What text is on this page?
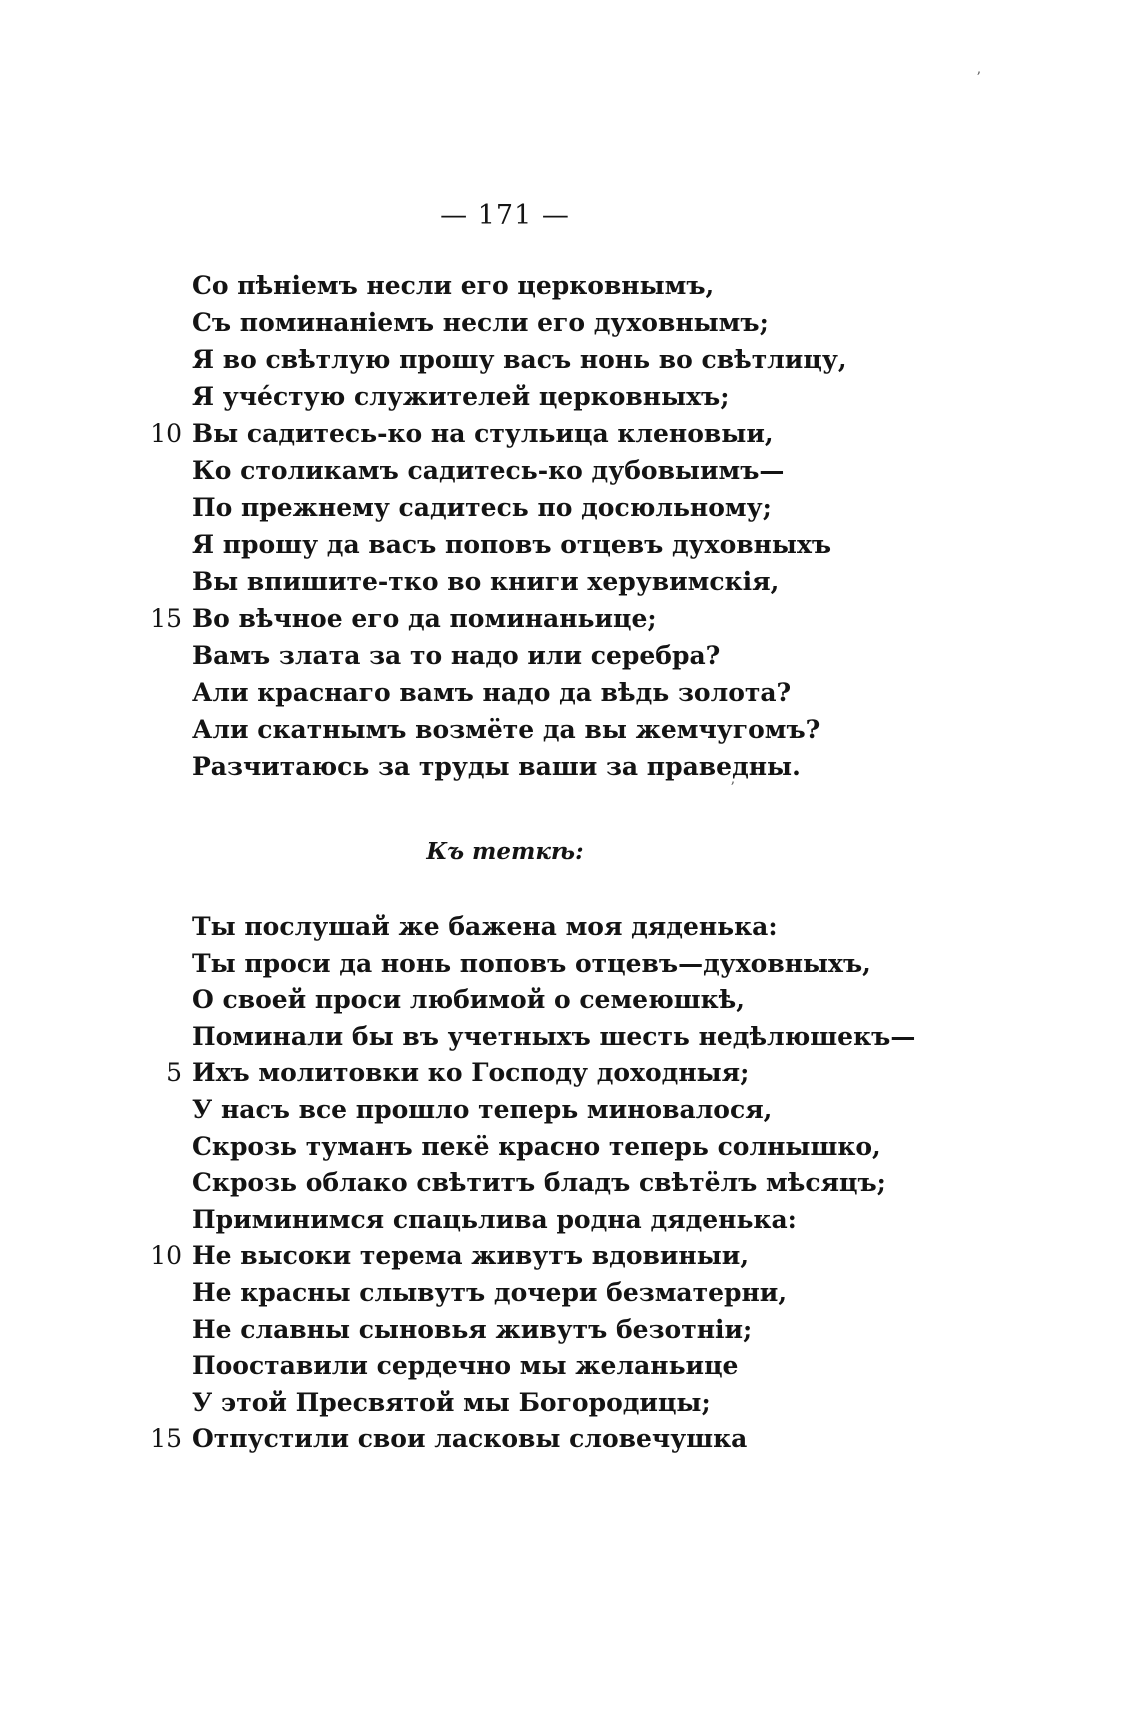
ʼ
ʼ
— 171 —
Со пѣніемъ несли его церковнымъ,
Съ поминаніемъ несли его духовнымъ;
Я во свѣтлую прошу васъ нонь во свѣтлицу,
Я учéстую служителей церковныхъ;
10 Вы садитесь-ко на стульица кленовыи,
Ко столикамъ садитесь-ко дубовыимъ—
По прежнему садитесь по досюльному;
Я прошу да васъ поповъ отцевъ духовныхъ
Вы впишите-тко во книги херувимскія,
15 Во вѣчное его да поминаньице;
Вамъ злата за то надо или серебра?
Али краснаго вамъ надо да вѣдь золота?
Али скатнымъ возмёте да вы жемчугомъ?
Разчитаюсь за труды ваши за праведны.
Къ теткѣ:
Ты послушай же бажена моя дяденька:
Ты проси да нонь поповъ отцевъ—духовныхъ,
О своей проси любимой о семеюшкѣ,
Поминали бы въ учетныхъ шесть недѣлюшекъ—
5 Ихъ молитовки ко Господу доходныя;
У насъ все прошло теперь миновалося,
Скрозь туманъ пекё красно теперь солнышко,
Скрозь облако свѣтитъ бладъ свѣтёлъ мѣсяцъ;
Приминимся спацьлива родна дяденька:
10 Не высоки терема живутъ вдовиныи,
Не красны слывутъ дочери безматерни,
Не славны сыновья живутъ безотніи;
Пооставили сердечно мы желаньице
У этой Пресвятой мы Богородицы;
15 Отпустили свои ласковы словечушка
